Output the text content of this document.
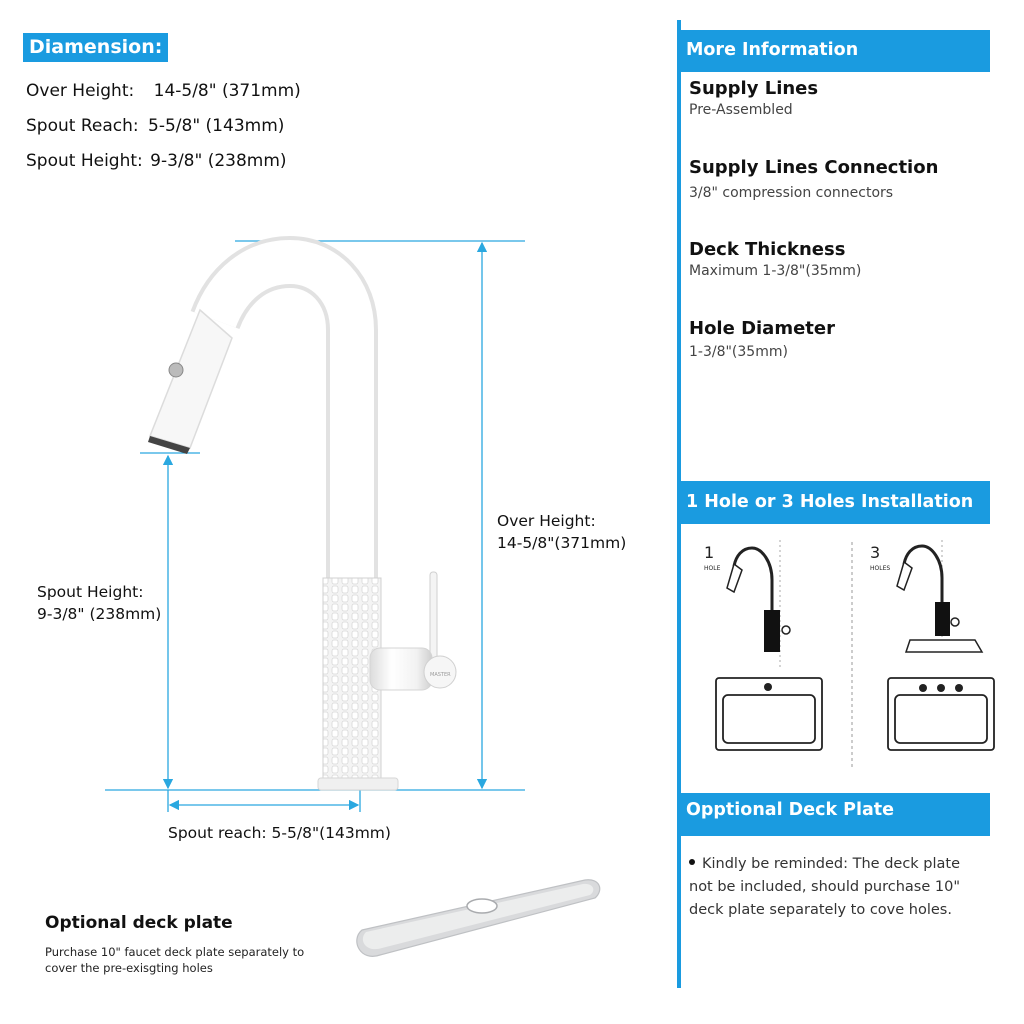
Diamension:
Over Height: 14-5/8" (371mm)
Spout Reach: 5-5/8" (143mm)
Spout Height: 9-3/8" (238mm)
MASTER
Over Height:
14-5/8"(371mm)
Spout Height:
9-3/8" (238mm)
Spout reach: 5-5/8"(143mm)
Optional deck plate
Purchase 10" faucet deck plate separately to
cover the pre-exisgting holes
More Information
Supply Lines
Pre-Assembled
Supply Lines Connection
3/8" compression connectors
Deck Thickness
Maximum 1-3/8"(35mm)
Hole Diameter
1-3/8"(35mm)
1 Hole or 3 Holes Installation
1
HOLE
3
HOLES
Opptional Deck Plate
Kindly be reminded: The deck plate
not be included, should purchase 10"
deck plate separately to cove holes.
